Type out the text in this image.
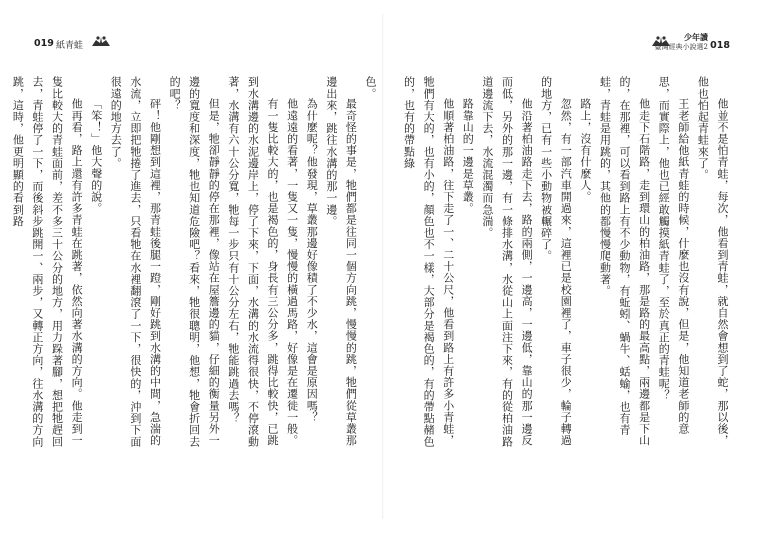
019 紙青蛙

色。

最奇怪的事是，牠們都是往同一個方向跳，慢慢的跳，牠們從草叢那邊出來，跳往水溝的那一邊。

為什麼呢？他發現，草叢那邊好像積了不少水，這會是原因嗎？

他遠遠的看著，一隻又一隻，慢慢的橫過馬路，好像是在遷徙一般。

有一隻比較大的，也是褐色的，身長有三公分多，跳得比較快，已跳到水溝邊的水泥邊岸上，停了下來，下面，水溝的水流得很快，不停滾動著，水溝有六十公分寬，牠每一步只有十公分左右，牠能跳過去嗎？

但是，牠卻靜靜的停在那裡，像站在屋簷邊的貓，仔細的衡量另外一邊的寬度和深度，牠也知道危險吧？看來，牠很聰明，他想，牠會折回去的吧？

砰！他剛想到這裡，那青蛙後腿一蹬，剛好跳到水溝的中間，急湍的水流，立即把牠捲了進去，只看牠在水裡翻滾了一下，很快的，沖到下面很遠的地方去了。

「笨！」他大聲的說。

他再看，路上還有許多青蛙在跳著，依然向著水溝的方向。他走到一隻比較大的青蛙面前，差不多三十公分的地方，用力跺著腳，想把牠趕回去，青蛙停了一下，而後斜步跳開一、兩步，又轉正方向，往水溝的方向跳，這時，他更明顯的看到路

少年讀
臺灣經典小說選2 018

他並不是怕青蛙，每次，他看到青蛙，就自然會想到了蛇，那以後，他也怕起青蛙來了。

王老師給他紙青蛙的時候，什麼也沒有說，但是，他知道老師的意思，而實際上，他也已經敢觸摸紙青蛙了，至於真正的青蛙呢？

他走下石階路，走到環山的柏油路，那是路的最高點，兩邊都是下山的，在那裡，可以看到路上有不少動物，有蚯蚓、蝸牛、蛞蝓，也有青蛙，青蛙是用跳的，其他的都慢慢爬動著。

路上，沒有什麼人。

忽然，有一部汽車開過來，這裡已是校園裡了，車子很少，輪子轉過的地方，已有一些小動物被輾碎了。

他沿著柏油路走下去，路的兩側，一邊高，一邊低，靠山的那一邊反而低，另外的那一邊，有一條排水溝，水從山上面注下來，有的從柏油路道邊流下去，水流混濁而急湍。

路靠山的一邊是草叢。

他順著柏油路，往下走了一、二十公尺，他看到路上有許多小青蛙，牠們有大的，也有小的，顏色也不一樣，大部分是褐色的，有的帶點赭色的，也有的帶點綠
